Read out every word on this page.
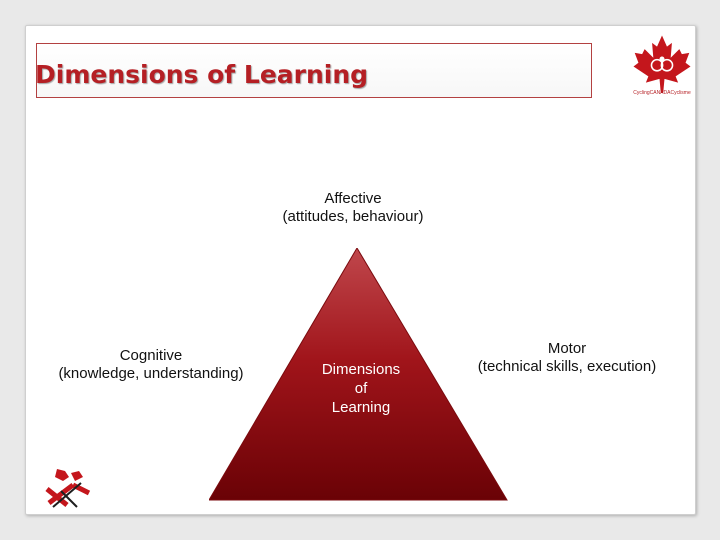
Dimensions of Learning
CyclingCANADACyclisme
Affective
(attitudes, behaviour)
Cognitive
(knowledge, understanding)
Motor
(technical skills, execution)
Dimensions
of
Learning
